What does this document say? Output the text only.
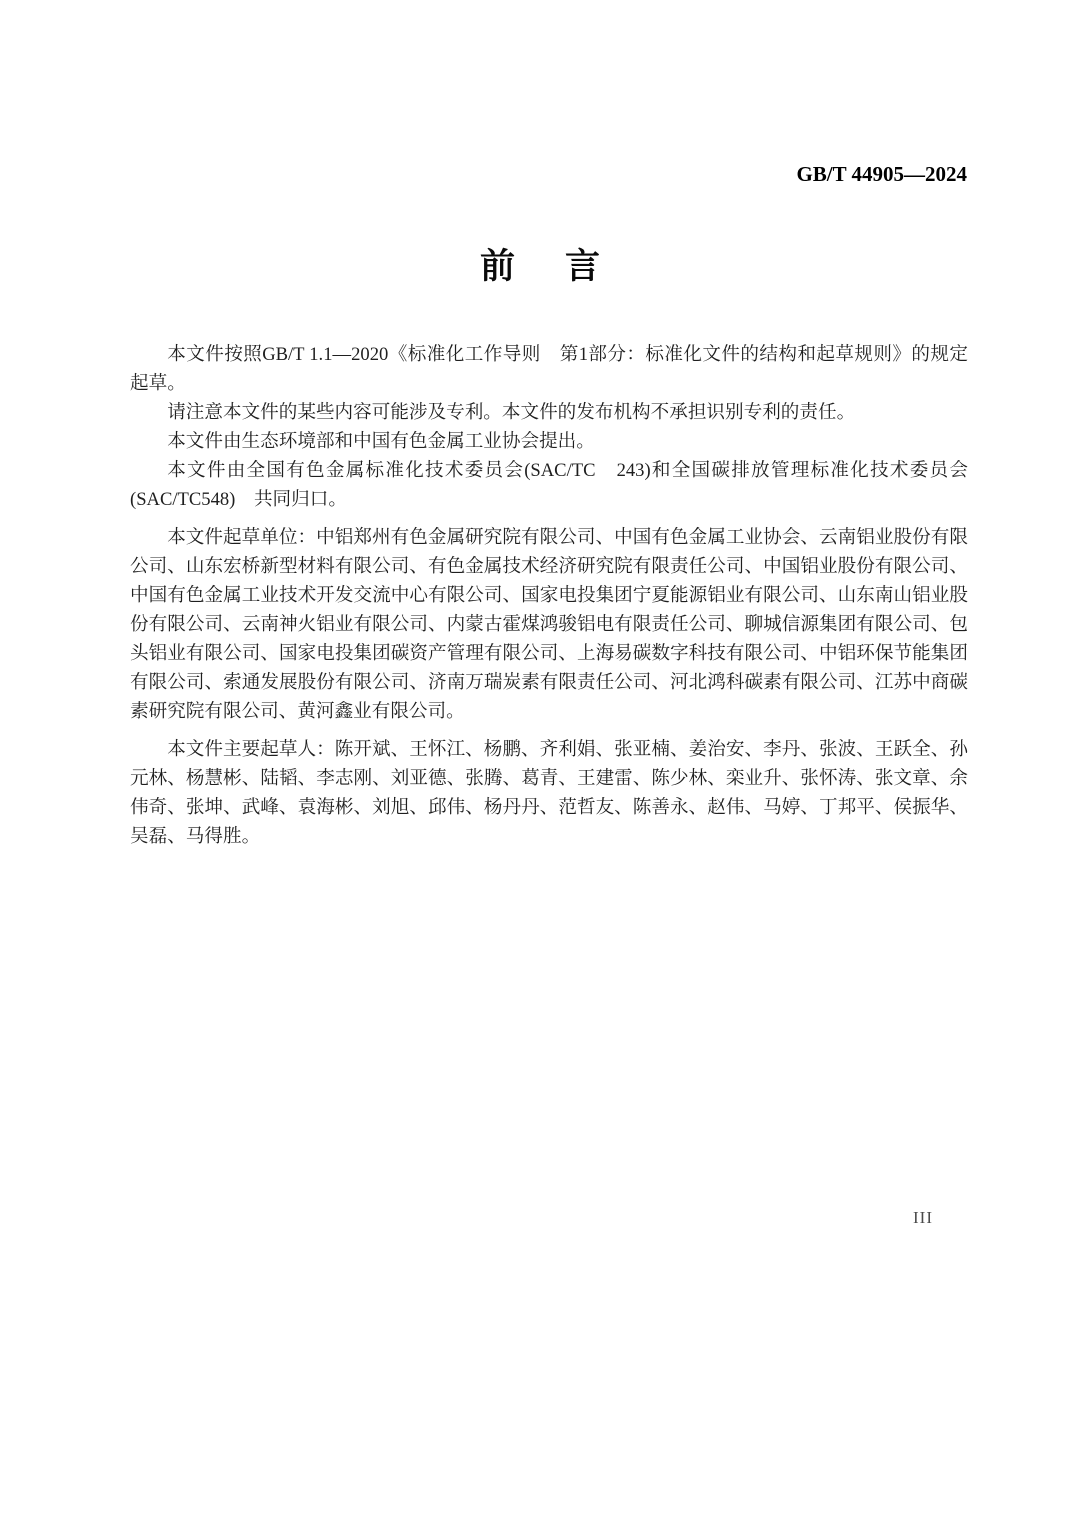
GB/T 44905—2024
前 言

本文件按照GB/T 1.1—2020《标准化工作导则　第1部分：标准化文件的结构和起草规则》的规定起草。

请注意本文件的某些内容可能涉及专利。本文件的发布机构不承担识别专利的责任。

本文件由生态环境部和中国有色金属工业协会提出。

本文件由全国有色金属标准化技术委员会(SAC/TC　243)和全国碳排放管理标准化技术委员会(SAC/TC548)　共同归口。

本文件起草单位：中铝郑州有色金属研究院有限公司、中国有色金属工业协会、云南铝业股份有限公司、山东宏桥新型材料有限公司、有色金属技术经济研究院有限责任公司、中国铝业股份有限公司、中国有色金属工业技术开发交流中心有限公司、国家电投集团宁夏能源铝业有限公司、山东南山铝业股份有限公司、云南神火铝业有限公司、内蒙古霍煤鸿骏铝电有限责任公司、聊城信源集团有限公司、包头铝业有限公司、国家电投集团碳资产管理有限公司、上海易碳数字科技有限公司、中铝环保节能集团有限公司、索通发展股份有限公司、济南万瑞炭素有限责任公司、河北鸿科碳素有限公司、江苏中商碳素研究院有限公司、黄河鑫业有限公司。

本文件主要起草人：陈开斌、王怀江、杨鹏、齐利娟、张亚楠、姜治安、李丹、张波、王跃全、孙元林、杨慧彬、陆韬、李志刚、刘亚德、张腾、葛青、王建雷、陈少林、栾业升、张怀涛、张文章、余伟奇、张坤、武峰、袁海彬、刘旭、邱伟、杨丹丹、范哲友、陈善永、赵伟、马婷、丁邦平、侯振华、吴磊、马得胜。

III
